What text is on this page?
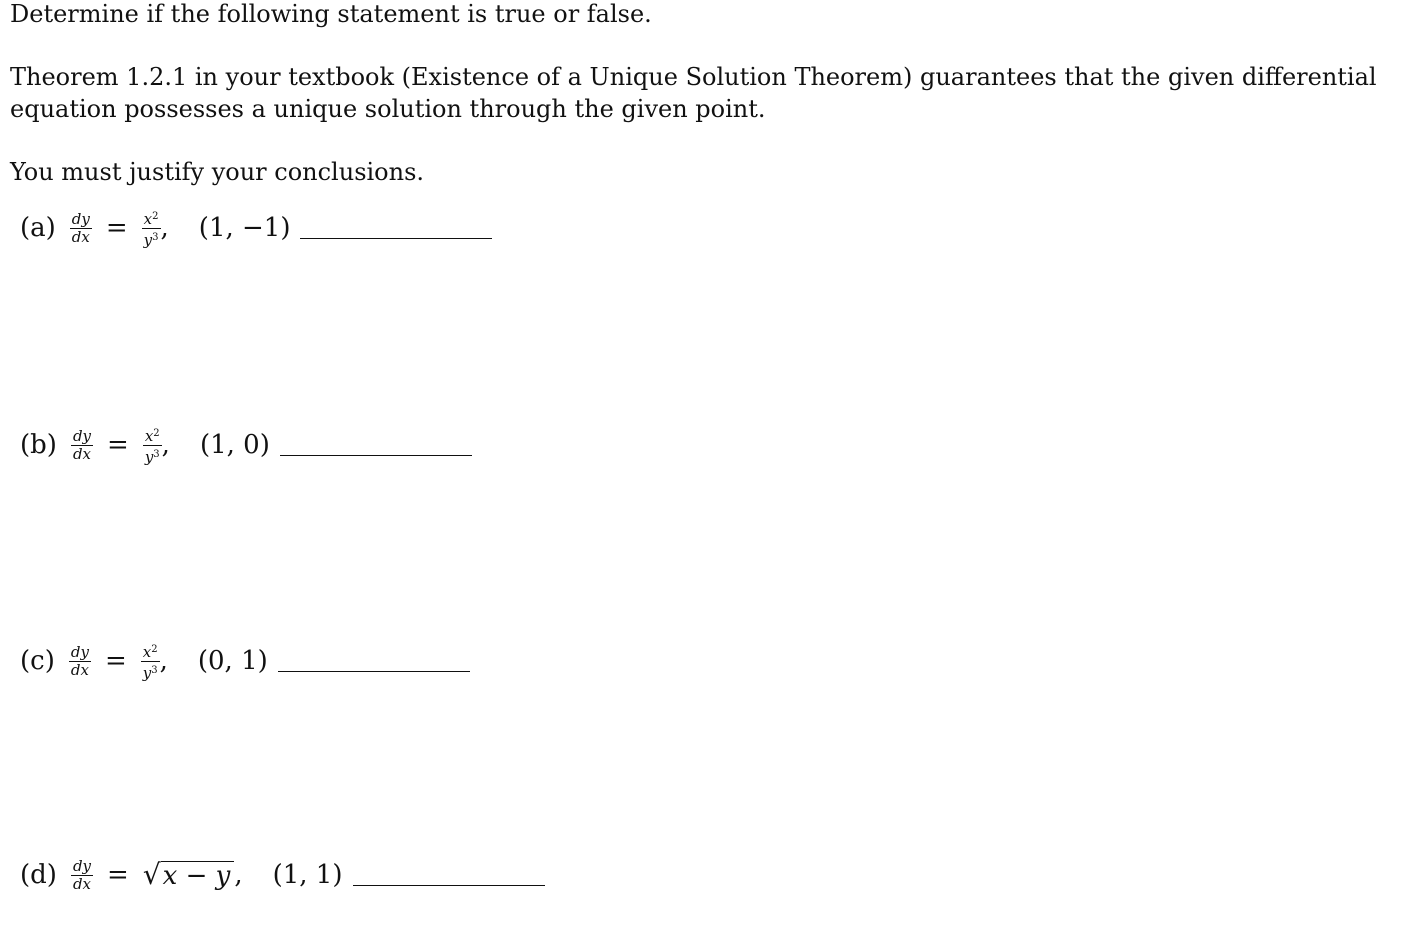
Determine if the following statement is true or false.
Theorem 1.2.1 in your textbook (Existence of a Unique Solution Theorem) guarantees that the given differential
equation possesses a unique solution through the given point.
You must justify your conclusions.
$(a) \frac{dy}{dx} = \frac{x^2}{y^3}$ , (1, −1)
$(b) \frac{dy}{dx} = \frac{x^2}{y^3}$ , (1, 0)
$(c) \frac{dy}{dx} = \frac{x^2}{y^3}$ , (0, 1)
$(d) \frac{dy}{dx}$ = √ x − y , (1, 1)
